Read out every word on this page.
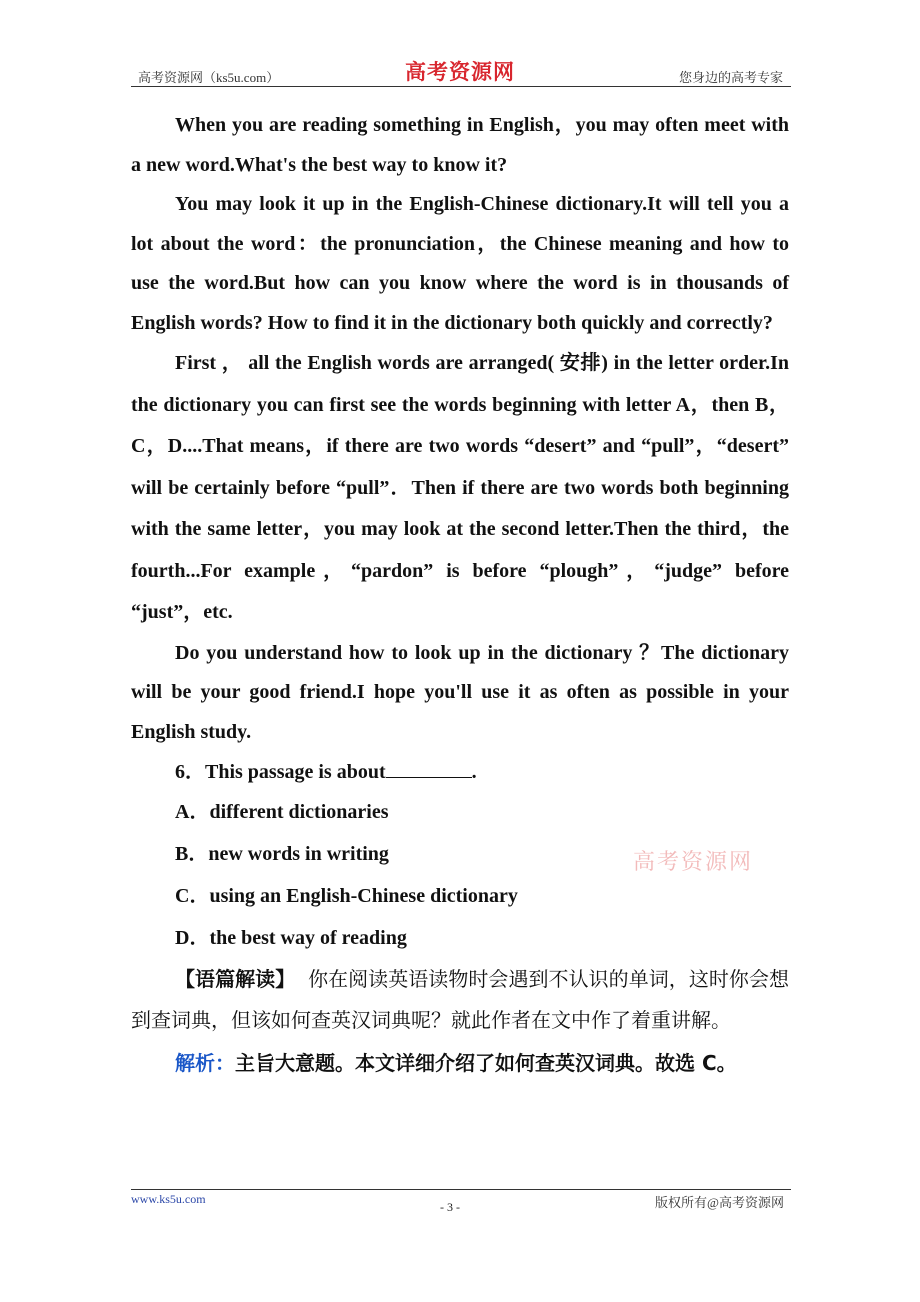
高考资源网（ks5u.com）	高考资源网	您身边的高考专家

When you are reading something in English，you may often meet with a new word.What's the best way to know it?

You may look it up in the English-Chinese dictionary.It will tell you a lot about the word：the pronunciation，the Chinese meaning and how to use the word.But how can you know where the word is in thousands of English words? How to find it in the dictionary both quickly and correctly?

First ， all the English words are arranged( 安排) in the letter order.In the dictionary you can first see the words beginning with letter A，then B，C，D....That means，if there are two words “desert” and “pull”，“desert” will be certainly before “pull”．Then if there are two words both beginning with the same letter，you may look at the second letter.Then the third，the fourth...For example，“pardon” is before “plough”，“judge” before “just”，etc.

Do you understand how to look up in the dictionary ？The dictionary will be your good friend.I hope you'll use it as often as possible in your English study.

6．This passage is about	.

A．different dictionaries

B．new words in writing

C．using an English-Chinese dictionary

D．the best way of reading

【语篇解读】 你在阅读英语读物时会遇到不认识的单词，这时你会想到查词典，但该如何查英汉词典呢？就此作者在文中作了着重讲解。

解析：主旨大意题。本文详细介绍了如何查英汉词典。故选 C。

高考资源网
www.ks5u.com
- 3 -	版权所有@高考资源网
